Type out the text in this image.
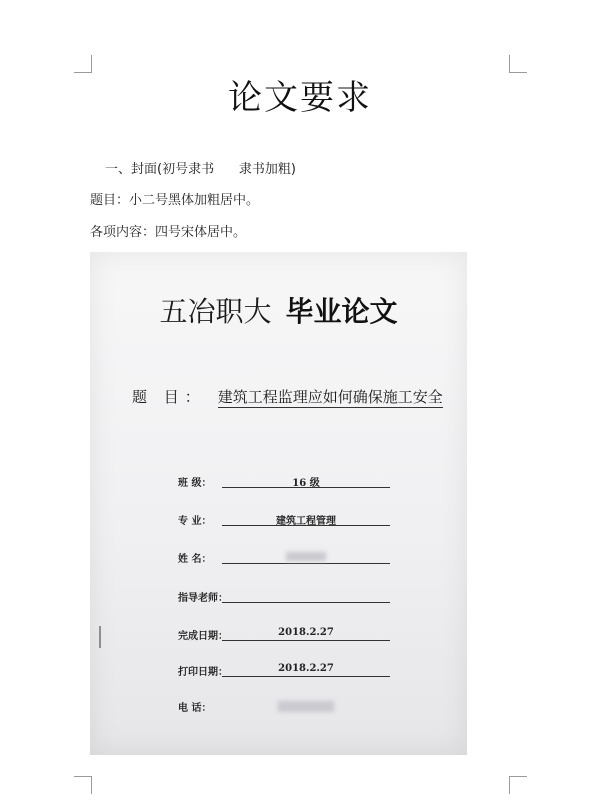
论文要求
一、封面(初号隶书      隶书加粗)
题目：小二号黑体加粗居中。
各项内容：四号宋体居中。
五冶职大 毕业论文
题 目： 建筑工程监理应如何确保施工安全
班 级：	16 级
专 业：	建筑工程管理
姓 名：
指导老师：
完成日期：	2018.2.27
打印日期：	2018.2.27
电 话：
